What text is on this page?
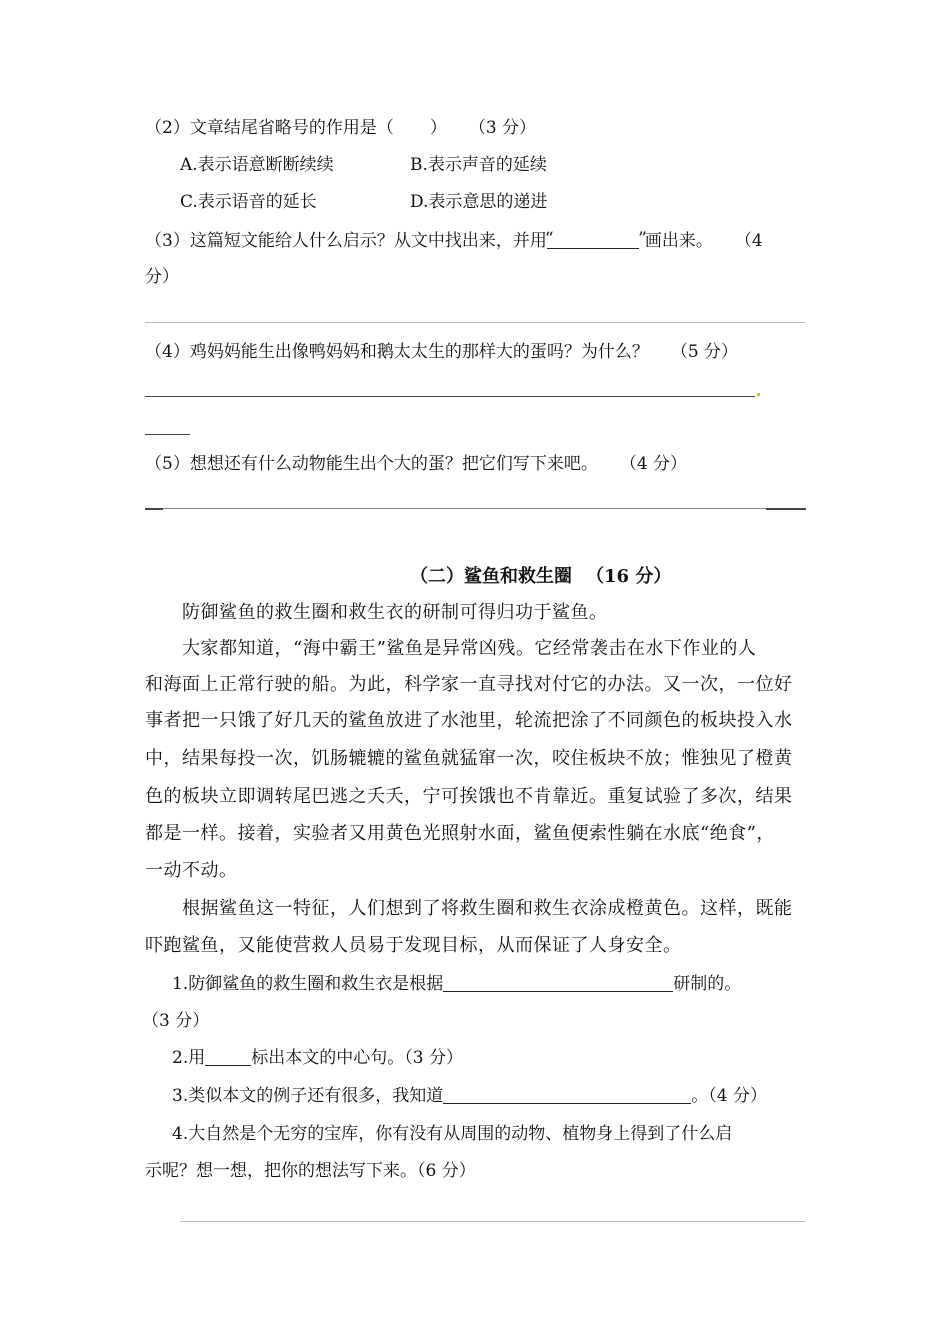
（2）文章结尾省略号的作用是（ ） （3 分）
A.表示语意断断续续	B.表示声音的延续
C.表示语音的延长	D.表示意思的递进
（3）这篇短文能给人什么启示？从文中找出来，并用
“	”
画出来。 （4
分）
（4）鸡妈妈能生出像鸭妈妈和鹅太太生的那样大的蛋吗？为什么？ （5 分）
（5）想想还有什么动物能生出个大的蛋？把它们写下来吧。 （4 分）
（二）鲨鱼和救生圈 （16 分）
防御鲨鱼的救生圈和救生衣的研制可得归功于鲨鱼。
大家都知道，“海中霸王”鲨鱼是异常凶残。它经常袭击在水下作业的人
和海面上正常行驶的船。为此，科学家一直寻找对付它的办法。又一次，一位好
事者把一只饿了好几天的鲨鱼放进了水池里，轮流把涂了不同颜色的板块投入水
中，结果每投一次，饥肠辘辘的鲨鱼就猛窜一次，咬住板块不放；惟独见了橙黄
色的板块立即调转尾巴逃之夭夭，宁可挨饿也不肯靠近。重复试验了多次，结果
都是一样。接着，实验者又用黄色光照射水面，鲨鱼便索性躺在水底“绝食”，
一动不动。
根据鲨鱼这一特征，人们想到了将救生圈和救生衣涂成橙黄色。这样，既能
吓跑鲨鱼，又能使营救人员易于发现目标，从而保证了人身安全。
1.防御鲨鱼的救生圈和救生衣是根据	研制的。
（3 分）
2.用	标出本文的中心句。（3 分）
3.类似本文的例子还有很多，我知道	。（4 分）
4.大自然是个无穷的宝库，你有没有从周围的动物、植物身上得到了什么启
示呢？想一想，把你的想法写下来。（6 分）
